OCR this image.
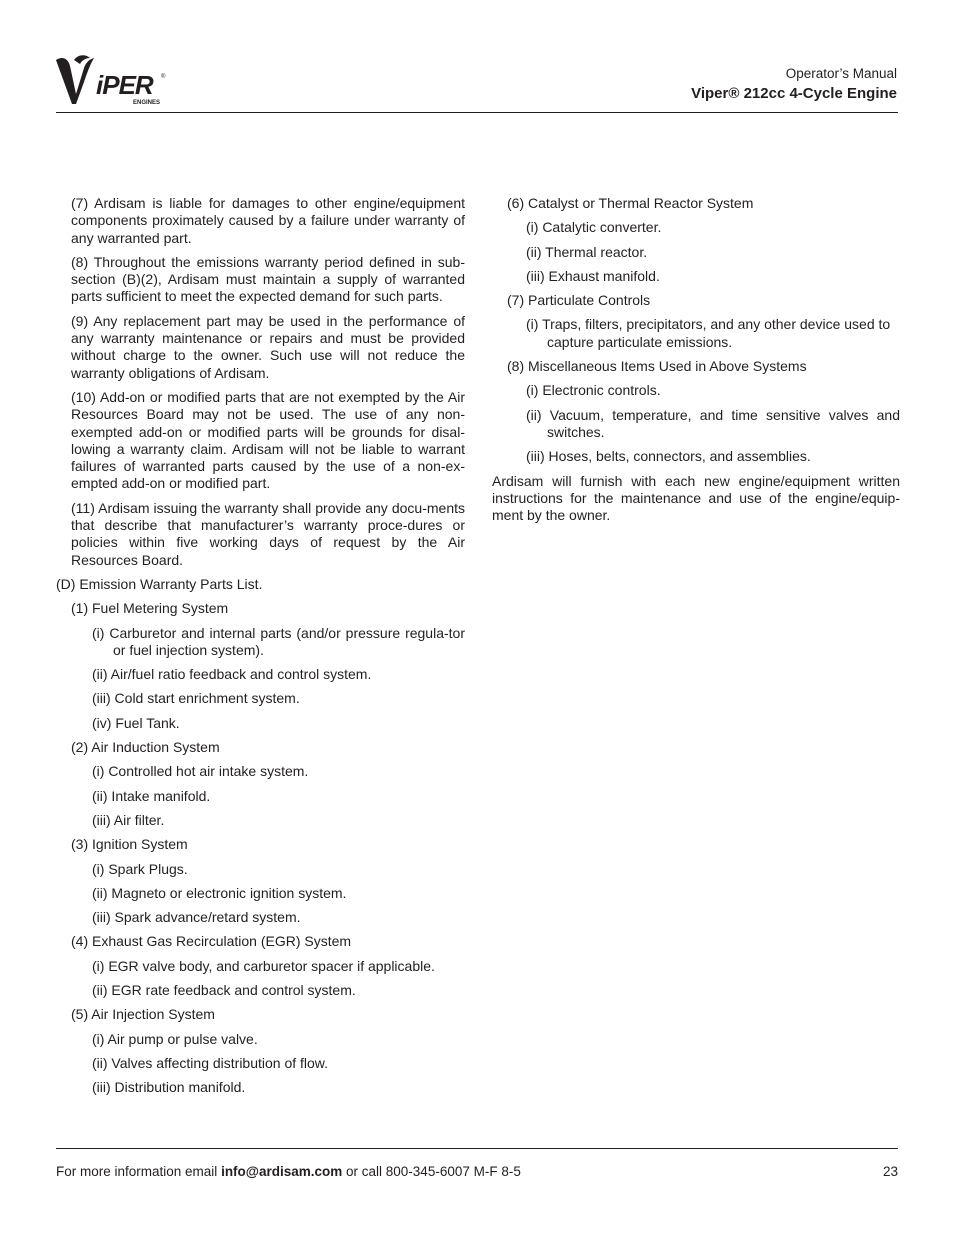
iPER
ENGINES
®	Operator’s Manual
Viper® 212cc 4-Cycle Engine

(7) Ardisam is liable for damages to other engine/equipment components proximately caused by a failure under warranty of any warranted part.

(8) Throughout the emissions warranty period defined in sub-section (B)(2), Ardisam must maintain a supply of warranted parts sufficient to meet the expected demand for such parts.

(9) Any replacement part may be used in the performance of any warranty maintenance or repairs and must be provided without charge to the owner. Such use will not reduce the warranty obligations of Ardisam.

(10) Add-on or modified parts that are not exempted by the Air Resources Board may not be used. The use of any non-exempted add-on or modified parts will be grounds for disal-lowing a warranty claim. Ardisam will not be liable to warrant failures of warranted parts caused by the use of a non-ex-empted add-on or modified part.

(11) Ardisam issuing the warranty shall provide any docu-ments that describe that manufacturer’s warranty proce-dures or policies within five working days of request by the Air Resources Board.

(D) Emission Warranty Parts List.

(1) Fuel Metering System

(i) Carburetor and internal parts (and/or pressure regula-tor or fuel injection system).

(ii) Air/fuel ratio feedback and control system.

(iii) Cold start enrichment system.

(iv) Fuel Tank.

(2) Air Induction System

(i) Controlled hot air intake system.

(ii) Intake manifold.

(iii) Air filter.

(3) Ignition System

(i) Spark Plugs.

(ii) Magneto or electronic ignition system.

(iii) Spark advance/retard system.

(4) Exhaust Gas Recirculation (EGR) System

(i) EGR valve body, and carburetor spacer if applicable.

(ii) EGR rate feedback and control system.

(5) Air Injection System

(i) Air pump or pulse valve.

(ii) Valves affecting distribution of flow.

(iii) Distribution manifold.

(6) Catalyst or Thermal Reactor System

(i) Catalytic converter.

(ii) Thermal reactor.

(iii) Exhaust manifold.

(7) Particulate Controls

(i) Traps, filters, precipitators, and any other device used to capture particulate emissions.

(8) Miscellaneous Items Used in Above Systems

(i) Electronic controls.

(ii) Vacuum, temperature, and time sensitive valves and switches.

(iii) Hoses, belts, connectors, and assemblies.

Ardisam will furnish with each new engine/equipment written instructions for the maintenance and use of the engine/equip-ment by the owner.

For more information email info@ardisam.com or call 800-345-6007 M-F 8-5	23
